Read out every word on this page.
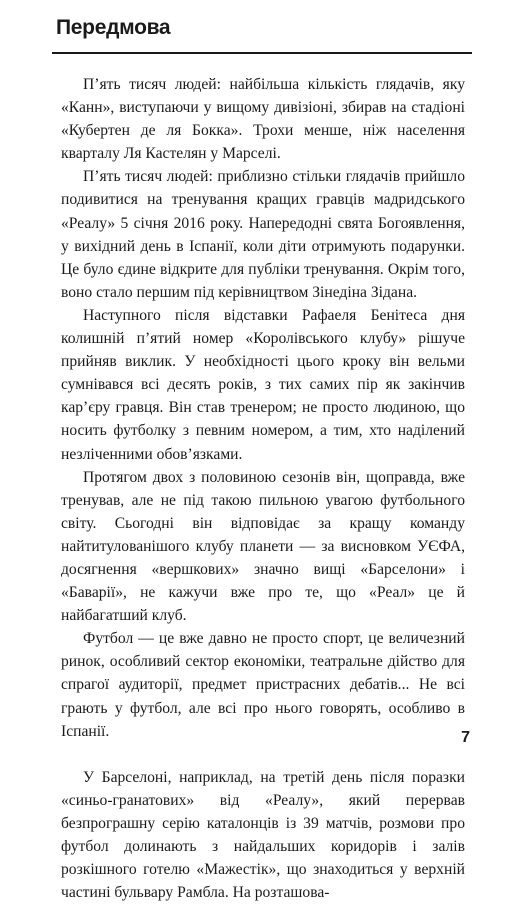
Передмова

П’ять тисяч людей: найбільша кількість глядачів, яку «Канн», виступаючи у вищому дивізіоні, збирав на стадіоні «Кубертен де ля Бокка». Трохи менше, ніж населення кварталу Ля Кастелян у Марселі.

П’ять тисяч людей: приблизно стільки глядачів прийшло подивитися на тренування кращих гравців мадридського «Реалу» 5 січня 2016 року. Напередодні свята Богоявлення, у вихідний день в Іспанії, коли діти отримують подарунки. Це було єдине відкрите для публіки тренування. Окрім того, воно стало першим під керівництвом Зінедіна Зідана.

Наступного після відставки Рафаеля Бенітеса дня колишній п’ятий номер «Королівського клубу» рішуче прийняв виклик. У необхідності цього кроку він вельми сумнівався всі десять років, з тих самих пір як закінчив кар’єру гравця. Він став тренером; не просто людиною, що носить футболку з певним номером, а тим, хто наділений незліченними обов’язками.

Протягом двох з половиною сезонів він, щоправда, вже тренував, але не під такою пильною увагою футбольного світу. Сьогодні він відповідає за кращу команду найтитулованішого клубу планети — за висновком УЄФА, досягнення «вершкових» значно вищі «Барселони» і «Баварії», не кажучи вже про те, що «Реал» це й найбагатший клуб.

Футбол — це вже давно не просто спорт, це величезний ринок, особливий сектор економіки, театральне дійство для спрагої аудиторії, предмет пристрасних дебатів... Не всі грають у футбол, але всі про нього говорять, особливо в Іспанії.

У Барселоні, наприклад, на третій день після поразки «синьо-гранатових» від «Реалу», який перервав безпрограшну серію каталонців із 39 матчів, розмови про футбол долинають з найдальших коридорів і залів розкішного готелю «Мажестік», що знаходиться у верхній частині бульвару Рамбла. На розташова-

7
